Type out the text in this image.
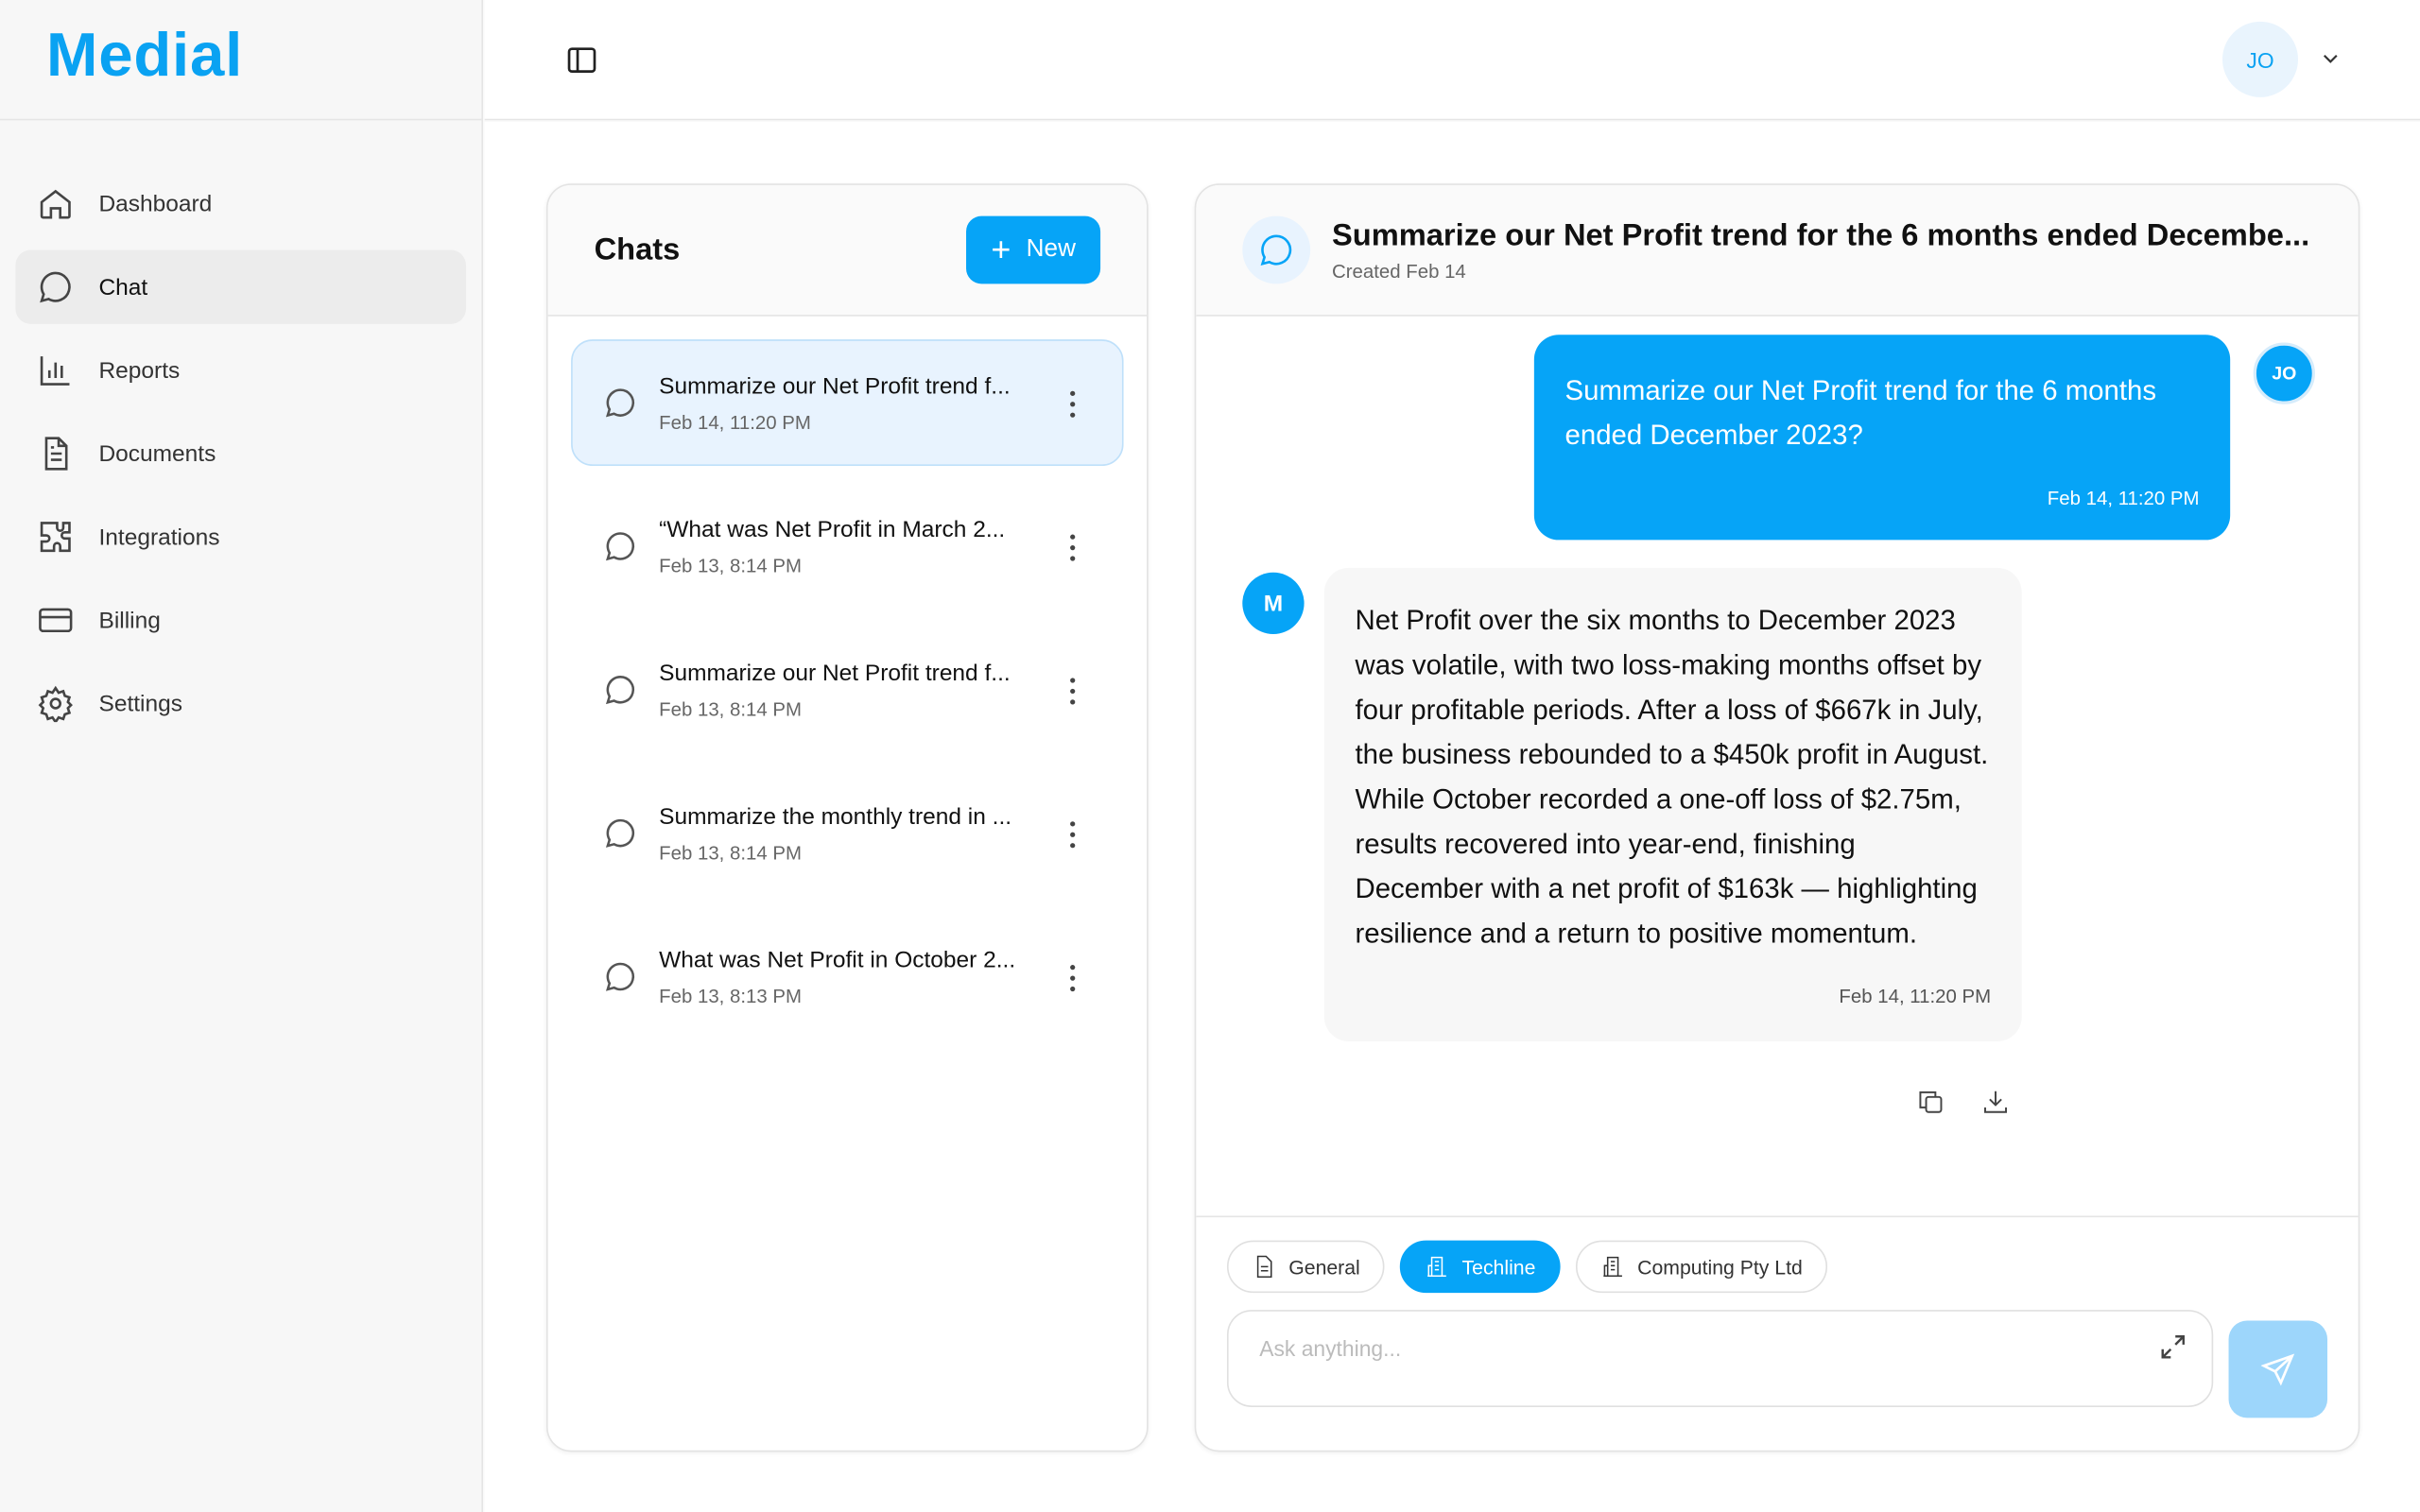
Medial
Dashboard
Chat
Reports
Documents
Integrations
Billing
Settings
JO
Chats	+ New
Summarize our Net Profit trend f...
Feb 14, 11:20 PM
“What was Net Profit in March 2...
Feb 13, 8:14 PM
Summarize our Net Profit trend f...
Feb 13, 8:14 PM
Summarize the monthly trend in ...
Feb 13, 8:14 PM
What was Net Profit in October 2...
Feb 13, 8:13 PM
Summarize our Net Profit trend for the 6 months ended Decembe...
Created Feb 14
Summarize our Net Profit trend for the 6 months ended December 2023?
Feb 14, 11:20 PM
JO
M
Net Profit over the six months to December 2023 was volatile, with two loss-making months offset by four profitable periods. After a loss of $667k in July, the business rebounded to a $450k profit in August. While October recorded a one-off loss of $2.75m, results recovered into year-end, finishing December with a net profit of $163k — highlighting resilience and a return to positive momentum.
Feb 14, 11:20 PM
General	Techline	Computing Pty Ltd
Ask anything...
